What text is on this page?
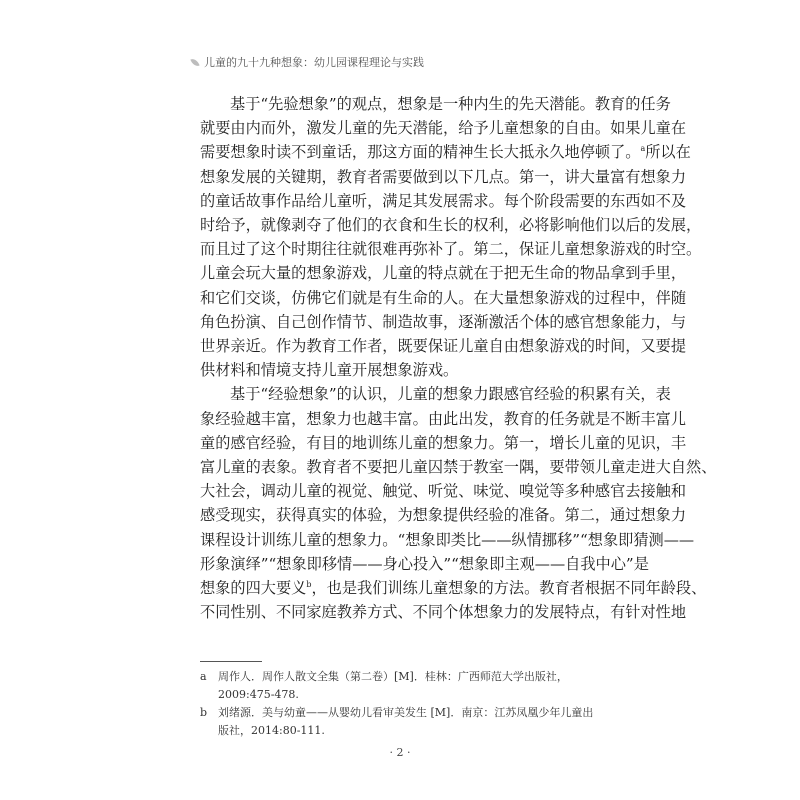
儿童的九十九种想象：幼儿园课程理论与实践
基于“先验想象”的观点，想象是一种内生的先天潜能。教育的任务
就要由内而外，激发儿童的先天潜能，给予儿童想象的自由。如果儿童在
需要想象时读不到童话，那这方面的精神生长大抵永久地停顿了。$^a$所以在
想象发展的关键期，教育者需要做到以下几点。第一，讲大量富有想象力
的童话故事作品给儿童听，满足其发展需求。每个阶段需要的东西如不及
时给予，就像剥夺了他们的衣食和生长的权利，必将影响他们以后的发展，
而且过了这个时期往往就很难再弥补了。第二，保证儿童想象游戏的时空。
儿童会玩大量的想象游戏，儿童的特点就在于把无生命的物品拿到手里，
和它们交谈，仿佛它们就是有生命的人。在大量想象游戏的过程中，伴随
角色扮演、自己创作情节、制造故事，逐渐激活个体的感官想象能力，与
世界亲近。作为教育工作者，既要保证儿童自由想象游戏的时间，又要提
供材料和情境支持儿童开展想象游戏。
基于“经验想象”的认识，儿童的想象力跟感官经验的积累有关，表
象经验越丰富，想象力也越丰富。由此出发，教育的任务就是不断丰富儿
童的感官经验，有目的地训练儿童的想象力。第一，增长儿童的见识，丰
富儿童的表象。教育者不要把儿童囚禁于教室一隅，要带领儿童走进大自然、
大社会，调动儿童的视觉、触觉、听觉、味觉、嗅觉等多种感官去接触和
感受现实，获得真实的体验，为想象提供经验的准备。第二，通过想象力
课程设计训练儿童的想象力。“想象即类比——纵情挪移”“想象即猜测——
形象演绎”“想象即移情——身心投入”“想象即主观——自我中心”是
想象的四大要义$^b$，也是我们训练儿童想象的方法。教育者根据不同年龄段、
不同性别、不同家庭教养方式、不同个体想象力的发展特点，有针对性地
a	周作人．周作人散文全集（第二卷）[M]．桂林：广西师范大学出版社，2009:475-478.
b 刘绪源．美与幼童——从婴幼儿看审美发生 [M]．南京：江苏凤凰少年儿童出版社，2014:80-111.
· 2 ·
